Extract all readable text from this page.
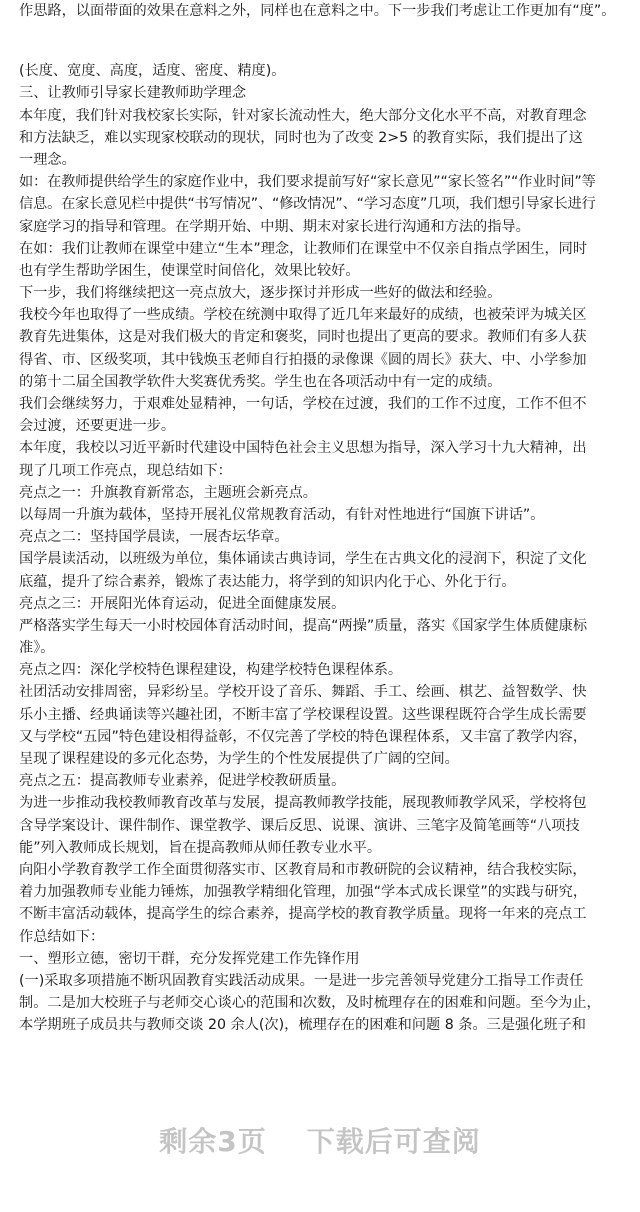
作思路，以面带面的效果在意料之外，同样也在意料之中。下一步我们考虑让工作更加有“度”。
(长度、宽度、高度，适度、密度、精度)。
三、让教师引导家长建教师助学理念
本年度，我们针对我校家长实际，针对家长流动性大，绝大部分文化水平不高，对教育理念
和方法缺乏，难以实现家校联动的现状，同时也为了改变 2>5 的教育实际，我们提出了这
一理念。
如：在教师提供给学生的家庭作业中，我们要求提前写好“家长意见”“家长签名”“作业时间”等
信息。在家长意见栏中提供“书写情况”、“修改情况”、“学习态度”几项，我们想引导家长进行
家庭学习的指导和管理。在学期开始、中期、期末对家长进行沟通和方法的指导。
在如：我们让教师在课堂中建立“生本”理念，让教师们在课堂中不仅亲自指点学困生，同时
也有学生帮助学困生，使课堂时间倍化，效果比较好。
下一步，我们将继续把这一亮点放大，逐步探讨并形成一些好的做法和经验。
我校今年也取得了一些成绩。学校在统测中取得了近几年来最好的成绩，也被荣评为城关区
教育先进集体，这是对我们极大的肯定和褒奖，同时也提出了更高的要求。教师们有多人获
得省、市、区级奖项，其中钱焕玉老师自行拍摄的录像课《圆的周长》获大、中、小学参加
的第十二届全国教学软件大奖赛优秀奖。学生也在各项活动中有一定的成绩。
我们会继续努力，于艰难处显精神，一句话，学校在过渡，我们的工作不过度，工作不但不
会过渡，还要更进一步。
本年度，我校以习近平新时代建设中国特色社会主义思想为指导，深入学习十九大精神，出
现了几项工作亮点，现总结如下：
亮点之一：升旗教育新常态，主题班会新亮点。
以每周一升旗为载体，坚持开展礼仪常规教育活动，有针对性地进行“国旗下讲话”。
亮点之二：坚持国学晨读，一展杏坛华章。
国学晨读活动，以班级为单位，集体诵读古典诗词，学生在古典文化的浸润下，积淀了文化
底蕴，提升了综合素养，锻炼了表达能力，将学到的知识内化于心、外化于行。
亮点之三：开展阳光体育运动，促进全面健康发展。
严格落实学生每天一小时校园体育活动时间，提高“两操”质量，落实《国家学生体质健康标
准》。
亮点之四：深化学校特色课程建设，构建学校特色课程体系。
社团活动安排周密，异彩纷呈。学校开设了音乐、舞蹈、手工、绘画、棋艺、益智数学、快
乐小主播、经典诵读等兴趣社团，不断丰富了学校课程设置。这些课程既符合学生成长需要
又与学校“五园”特色建设相得益彰，不仅完善了学校的特色课程体系，又丰富了教学内容，
呈现了课程建设的多元化态势，为学生的个性发展提供了广阔的空间。
亮点之五：提高教师专业素养，促进学校教研质量。
为进一步推动我校教师教育改革与发展，提高教师教学技能，展现教师教学风采，学校将包
含导学案设计、课件制作、课堂教学、课后反思、说课、演讲、三笔字及简笔画等“八项技
能”列入教师成长规划，旨在提高教师从师任教专业水平。
向阳小学教育教学工作全面贯彻落实市、区教育局和市教研院的会议精神，结合我校实际，
着力加强教师专业能力锤炼，加强教学精细化管理，加强“学本式成长课堂”的实践与研究，
不断丰富活动载体，提高学生的综合素养，提高学校的教育教学质量。现将一年来的亮点工
作总结如下：
一、塑形立德，密切干群，充分发挥党建工作先锋作用
(一)采取多项措施不断巩固教育实践活动成果。一是进一步完善领导党建分工指导工作责任
制。二是加大校班子与老师交心谈心的范围和次数，及时梳理存在的困难和问题。至今为止，
本学期班子成员共与教师交谈 20 余人(次)，梳理存在的困难和问题 8 条。三是强化班子和
剩余3页 下载后可查阅
